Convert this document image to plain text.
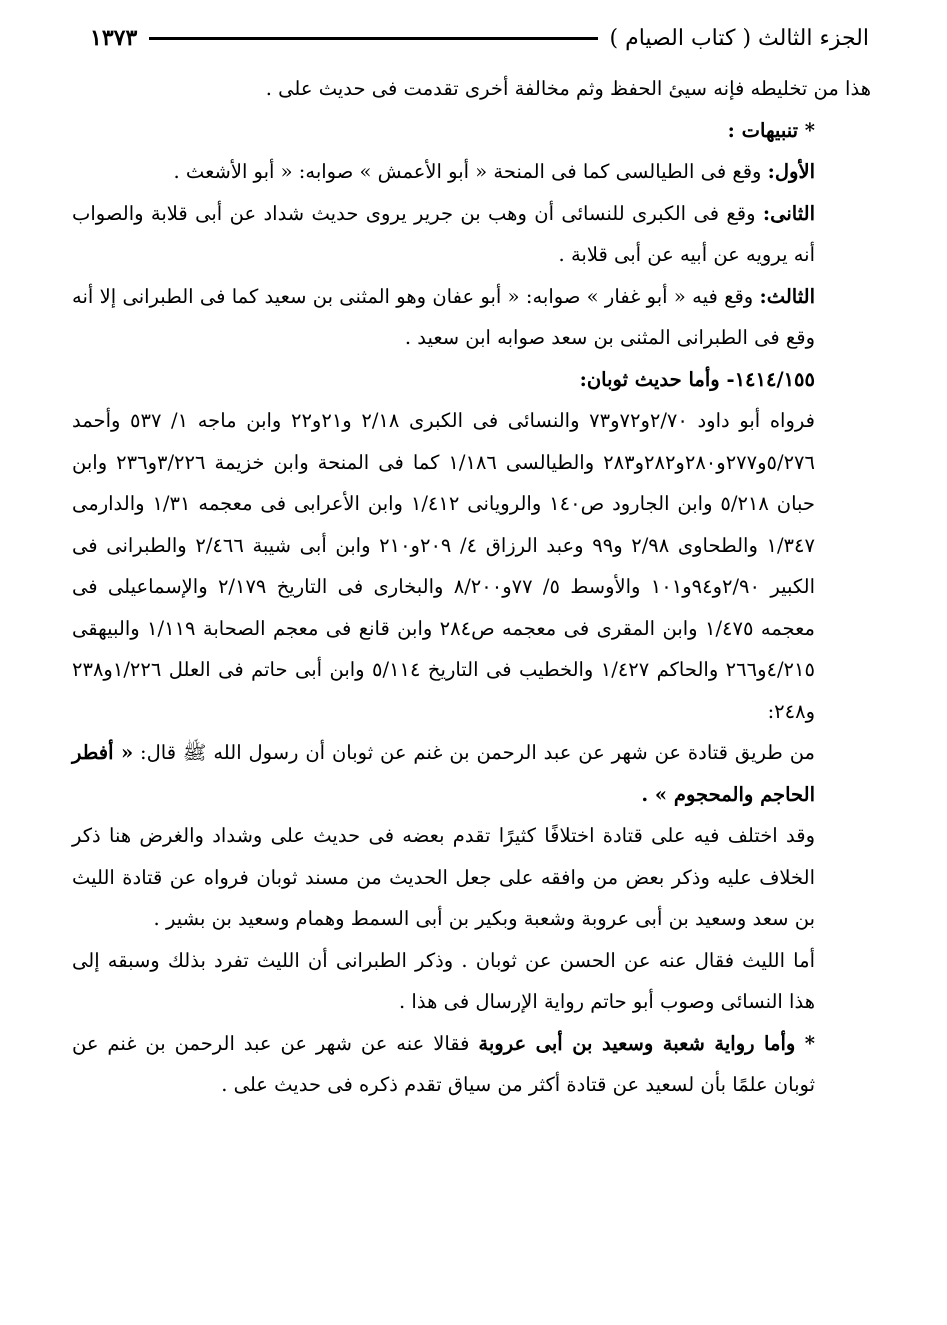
الجزء الثالث ( كتاب الصيام )
١٣٧٣

هذا من تخليطه فإنه سيئ الحفظ وثم مخالفة أخرى تقدمت فى حديث على .

* تنبيهات :

الأول: وقع فى الطيالسى كما فى المنحة « أبو الأعمش » صوابه: « أبو الأشعث .

الثانى: وقع فى الكبرى للنسائى أن وهب بن جرير يروى حديث شداد عن أبى قلابة والصواب أنه يرويه عن أبيه عن أبى قلابة .

الثالث: وقع فيه « أبو غفار » صوابه: « أبو عفان وهو المثنى بن سعيد كما فى الطبرانى إلا أنه وقع فى الطبرانى المثنى بن سعد صوابه ابن سعيد .

١٤١٤/١٥٥- وأما حديث ثوبان:

فرواه أبو داود ٢/٧٠و٧٢و٧٣ والنسائى فى الكبرى ٢/١٨ و٢١و٢٢ وابن ماجه ١/ ٥٣٧ وأحمد ٥/٢٧٦و٢٧٧و٢٨٠و٢٨٢و٢٨٣ والطيالسى ١/١٨٦ كما فى المنحة وابن خزيمة ٣/٢٢٦و٢٣٦ وابن حبان ٥/٢١٨ وابن الجارود ص١٤٠ والرويانى ١/٤١٢ وابن الأعرابى فى معجمه ١/٣١ والدارمى ١/٣٤٧ والطحاوى ٢/٩٨ و٩٩ وعبد الرزاق ٤/ ٢٠٩و٢١٠ وابن أبى شيبة ٢/٤٦٦ والطبرانى فى الكبير ٢/٩٠و٩٤و١٠١ والأوسط ٥/ ٧٧و٨/٢٠٠ والبخارى فى التاريخ ٢/١٧٩ والإسماعيلى فى معجمه ١/٤٧٥ وابن المقرى فى معجمه ص٢٨٤ وابن قانع فى معجم الصحابة ١/١١٩ والبيهقى ٤/٢١٥و٢٦٦ والحاكم ١/٤٢٧ والخطيب فى التاريخ ٥/١١٤ وابن أبى حاتم فى العلل ١/٢٢٦و٢٣٨ و٢٤٨:

من طريق قتادة عن شهر عن عبد الرحمن بن غنم عن ثوبان أن رسول الله ﷺ قال: « أفطر الحاجم والمحجوم » .

وقد اختلف فيه على قتادة اختلافًا كثيرًا تقدم بعضه فى حديث على وشداد والغرض هنا ذكر الخلاف عليه وذكر بعض من وافقه على جعل الحديث من مسند ثوبان فرواه عن قتادة الليث بن سعد وسعيد بن أبى عروبة وشعبة وبكير بن أبى السمط وهمام وسعيد بن بشير .

أما الليث فقال عنه عن الحسن عن ثوبان . وذكر الطبرانى أن الليث تفرد بذلك وسبقه إلى هذا النسائى وصوب أبو حاتم رواية الإرسال فى هذا .

* وأما رواية شعبة وسعيد بن أبى عروبة فقالا عنه عن شهر عن عبد الرحمن بن غنم عن ثوبان علمًا بأن لسعيد عن قتادة أكثر من سياق تقدم ذكره فى حديث على .
